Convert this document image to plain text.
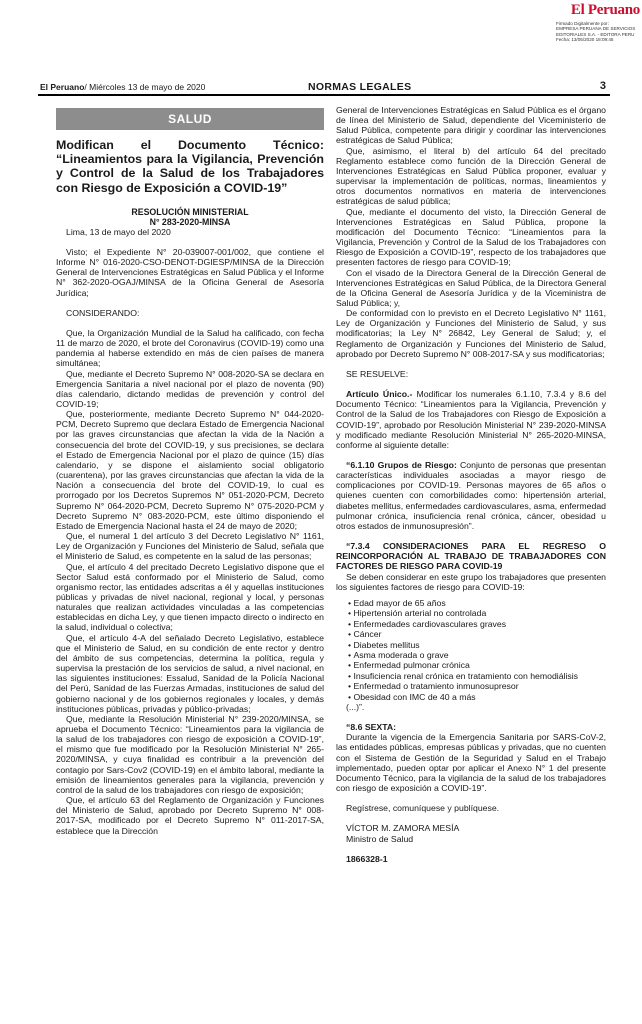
El Peruano
Firmado Digitalmente por:
EMPRESA PERUANA DE SERVICIOS
EDITORIALES S.A. - EDITORA PERU
Fecha: 13/05/2020 18:09:45
El Peruano/ Miércoles 13 de mayo de 2020	NORMAS LEGALES	3
SALUD
Modifican el Documento Técnico: “Lineamientos para la Vigilancia, Prevención y Control de la Salud de los Trabajadores con Riesgo de Exposición a COVID-19”

RESOLUCIÓN MINISTERIAL

N° 283-2020-MINSA

Lima, 13 de mayo del 2020

Visto; el Expediente N° 20-039007-001/002, que contiene el Informe N° 016-2020-CSO-DENOT-DGIESP/MINSA de la Dirección General de Intervenciones Estratégicas en Salud Pública y el Informe N° 362-2020-OGAJ/MINSA de la Oficina General de Asesoría Jurídica;

CONSIDERANDO:

Que, la Organización Mundial de la Salud ha calificado, con fecha 11 de marzo de 2020, el brote del Coronavirus (COVID-19) como una pandemia al haberse extendido en más de cien países de manera simultánea;

Que, mediante el Decreto Supremo N° 008-2020-SA se declara en Emergencia Sanitaria a nivel nacional por el plazo de noventa (90) días calendario, dictando medidas de prevención y control del COVID-19;

Que, posteriormente, mediante Decreto Supremo N° 044-2020-PCM, Decreto Supremo que declara Estado de Emergencia Nacional por las graves circunstancias que afectan la vida de la Nación a consecuencia del brote del COVID-19, y sus precisiones, se declara el Estado de Emergencia Nacional por el plazo de quince (15) días calendario, y se dispone el aislamiento social obligatorio (cuarentena), por las graves circunstancias que afectan la vida de la Nación a consecuencia del brote del COVID-19, lo cual es prorrogado por los Decretos Supremos N° 051-2020-PCM, Decreto Supremo N° 064-2020-PCM, Decreto Supremo N° 075-2020-PCM y Decreto Supremo N° 083-2020-PCM, este último disponiendo el Estado de Emergencia Nacional hasta el 24 de mayo de 2020;

Que, el numeral 1 del artículo 3 del Decreto Legislativo N° 1161, Ley de Organización y Funciones del Ministerio de Salud, señala que el Ministerio de Salud, es competente en la salud de las personas;

Que, el artículo 4 del precitado Decreto Legislativo dispone que el Sector Salud está conformado por el Ministerio de Salud, como organismo rector, las entidades adscritas a él y aquellas instituciones públicas y privadas de nivel nacional, regional y local, y personas naturales que realizan actividades vinculadas a las competencias establecidas en dicha Ley, y que tienen impacto directo o indirecto en la salud, individual o colectiva;

Que, el artículo 4-A del señalado Decreto Legislativo, establece que el Ministerio de Salud, en su condición de ente rector y dentro del ámbito de sus competencias, determina la política, regula y supervisa la prestación de los servicios de salud, a nivel nacional, en las siguientes instituciones: Essalud, Sanidad de la Policía Nacional del Perú, Sanidad de las Fuerzas Armadas, instituciones de salud del gobierno nacional y de los gobiernos regionales y locales, y demás instituciones públicas, privadas y público-privadas;

Que, mediante la Resolución Ministerial N° 239-2020/MINSA, se aprueba el Documento Técnico: “Lineamientos para la vigilancia de la salud de los trabajadores con riesgo de exposición a COVID-19”, el mismo que fue modificado por la Resolución Ministerial N° 265-2020/MINSA, y cuya finalidad es contribuir a la prevención del contagio por Sars-Cov2 (COVID-19) en el ámbito laboral, mediante la emisión de lineamientos generales para la vigilancia, prevención y control de la salud de los trabajadores con riesgo de exposición;

Que, el artículo 63 del Reglamento de Organización y Funciones del Ministerio de Salud, aprobado por Decreto Supremo N° 008-2017-SA, modificado por el Decreto Supremo N° 011-2017-SA, establece que la Dirección

General de Intervenciones Estratégicas en Salud Pública es el órgano de línea del Ministerio de Salud, dependiente del Viceministerio de Salud Pública, competente para dirigir y coordinar las intervenciones estratégicas de Salud Pública;

Que, asimismo, el literal b) del artículo 64 del precitado Reglamento establece como función de la Dirección General de Intervenciones Estratégicas en Salud Pública proponer, evaluar y supervisar la implementación de políticas, normas, lineamientos y otros documentos normativos en materia de intervenciones estratégicas de salud pública;

Que, mediante el documento del visto, la Dirección General de Intervenciones Estratégicas en Salud Pública, propone la modificación del Documento Técnico: “Lineamientos para la Vigilancia, Prevención y Control de la Salud de los Trabajadores con Riesgo de Exposición a COVID-19”, respecto de los trabajadores que presenten factores de riesgo para COVID-19;

Con el visado de la Directora General de la Dirección General de Intervenciones Estratégicas en Salud Pública, de la Directora General de la Oficina General de Asesoría Jurídica y de la Viceministra de Salud Pública; y,

De conformidad con lo previsto en el Decreto Legislativo N° 1161, Ley de Organización y Funciones del Ministerio de Salud, y sus modificatorias; la Ley N° 26842, Ley General de Salud; y, el Reglamento de Organización y Funciones del Ministerio de Salud, aprobado por Decreto Supremo N° 008-2017-SA y sus modificatorias;

SE RESUELVE:

Artículo Único.- Modificar los numerales 6.1.10, 7.3.4 y 8.6 del Documento Técnico: “Lineamientos para la Vigilancia, Prevención y Control de la Salud de los Trabajadores con Riesgo de Exposición a COVID-19”, aprobado por Resolución Ministerial N° 239-2020-MINSA y modificado mediante Resolución Ministerial N° 265-2020-MINSA, conforme al siguiente detalle:

“6.1.10 Grupos de Riesgo: Conjunto de personas que presentan características individuales asociadas a mayor riesgo de complicaciones por COVID-19. Personas mayores de 65 años o quienes cuenten con comorbilidades como: hipertensión arterial, diabetes mellitus, enfermedades cardiovasculares, asma, enfermedad pulmonar crónica, insuficiencia renal crónica, cáncer, obesidad u otros estados de inmunosupresión”.

“7.3.4 CONSIDERACIONES PARA EL REGRESO O REINCORPORACIÓN AL TRABAJO DE TRABAJADORES CON FACTORES DE RIESGO PARA COVID-19

Se deben considerar en este grupo los trabajadores que presenten los siguientes factores de riesgo para COVID-19:

• Edad mayor de 65 años
• Hipertensión arterial no controlada
• Enfermedades cardiovasculares graves
• Cáncer
• Diabetes mellitus
• Asma moderada o grave
• Enfermedad pulmonar crónica
• Insuficiencia renal crónica en tratamiento con hemodiálisis
• Enfermedad o tratamiento inmunosupresor
• Obesidad con IMC de 40 a más

(...)”.

“8.6 SEXTA:

Durante la vigencia de la Emergencia Sanitaria por SARS-CoV-2, las entidades públicas, empresas públicas y privadas, que no cuenten con el Sistema de Gestión de la Seguridad y Salud en el Trabajo implementado, pueden optar por aplicar el Anexo N° 1 del presente Documento Técnico, para la vigilancia de la salud de los trabajadores con riesgo de exposición a COVID-19”.

Regístrese, comuníquese y publíquese.

VÍCTOR M. ZAMORA MESÍA

Ministro de Salud

1866328-1
